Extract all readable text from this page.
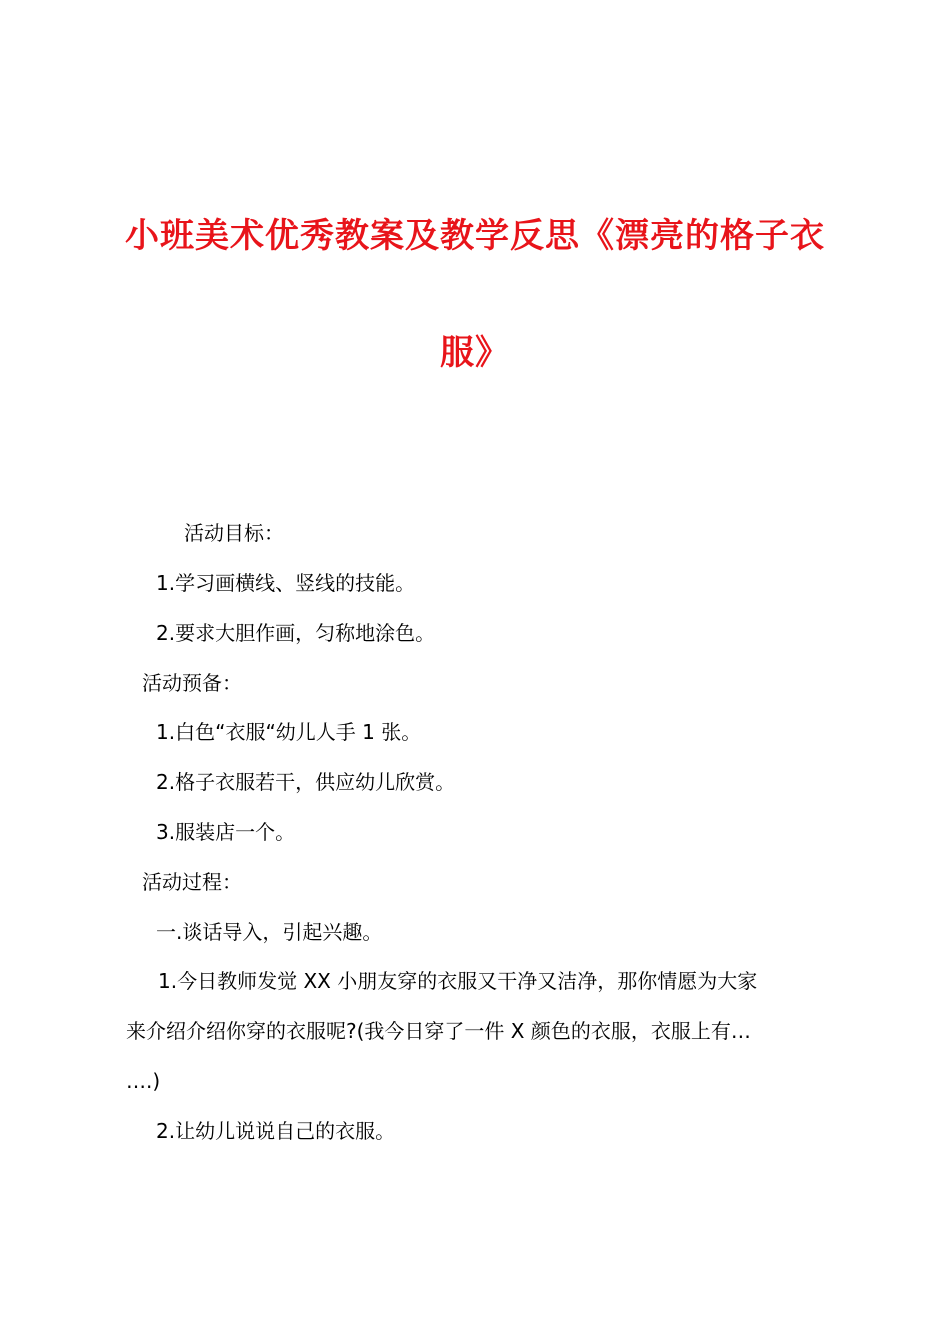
小班美术优秀教案及教学反思《漂亮的格子衣
服》
活动目标：
1.学习画横线、竖线的技能。
2.要求大胆作画，匀称地涂色。
活动预备：
1.白色“衣服“幼儿人手 1 张。
2.格子衣服若干，供应幼儿欣赏。
3.服装店一个。
活动过程：
一.谈话导入，引起兴趣。
1.今日教师发觉 XX 小朋友穿的衣服又干净又洁净，那你情愿为大家
来介绍介绍你穿的衣服呢?(我今日穿了一件 X 颜色的衣服，衣服上有…
….)
2.让幼儿说说自己的衣服。
